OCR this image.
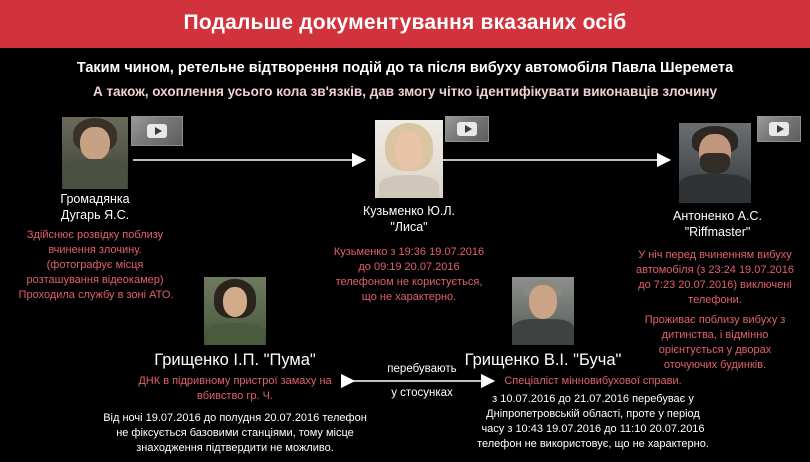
Подальше документування вказаних осіб
Таким чином, ретельне відтворення подій до та після вибуху автомобіля Павла Шеремета
А також, охоплення усього кола зв'язків, дав змогу чітко ідентифікувати виконавців злочину
Громадянка
Дугарь Я.С.
Здійснює розвідку поблизу
вчинення злочину.
(фотографує місця
розташування відеокамер)
Проходила службу в зоні АТО.
Кузьменко Ю.Л.
"Лиса"
Кузьменко з 19:36 19.07.2016
до 09:19 20.07.2016
телефоном не користується,
що не характерно.
Антоненко А.С.
"Riffmaster"
У ніч перед вчиненням вибуху
автомобіля (з 23:24 19.07.2016
до 7:23 20.07.2016) виключені
телефони.
Проживає поблизу вибуху з
дитинства, і відмінно
орієнтується у дворах
оточуючих будинків.
Грищенко І.П. "Пума"
ДНК в підривному пристрої замаху на
вбивство гр. Ч.
Від ночі 19.07.2016 до полудня 20.07.2016 телефон
не фіксується базовими станціями, тому місце
знаходження підтвердити не можливо.
Грищенко В.І. "Буча"
Спеціаліст мінновибухової справи.
з 10.07.2016 до 21.07.2016 перебуває у
Дніпропетровській області, проте у період
часу з 10:43 19.07.2016 до 11:10 20.07.2016
телефон не використовує, що не характерно.
перебувають
у стосунках
